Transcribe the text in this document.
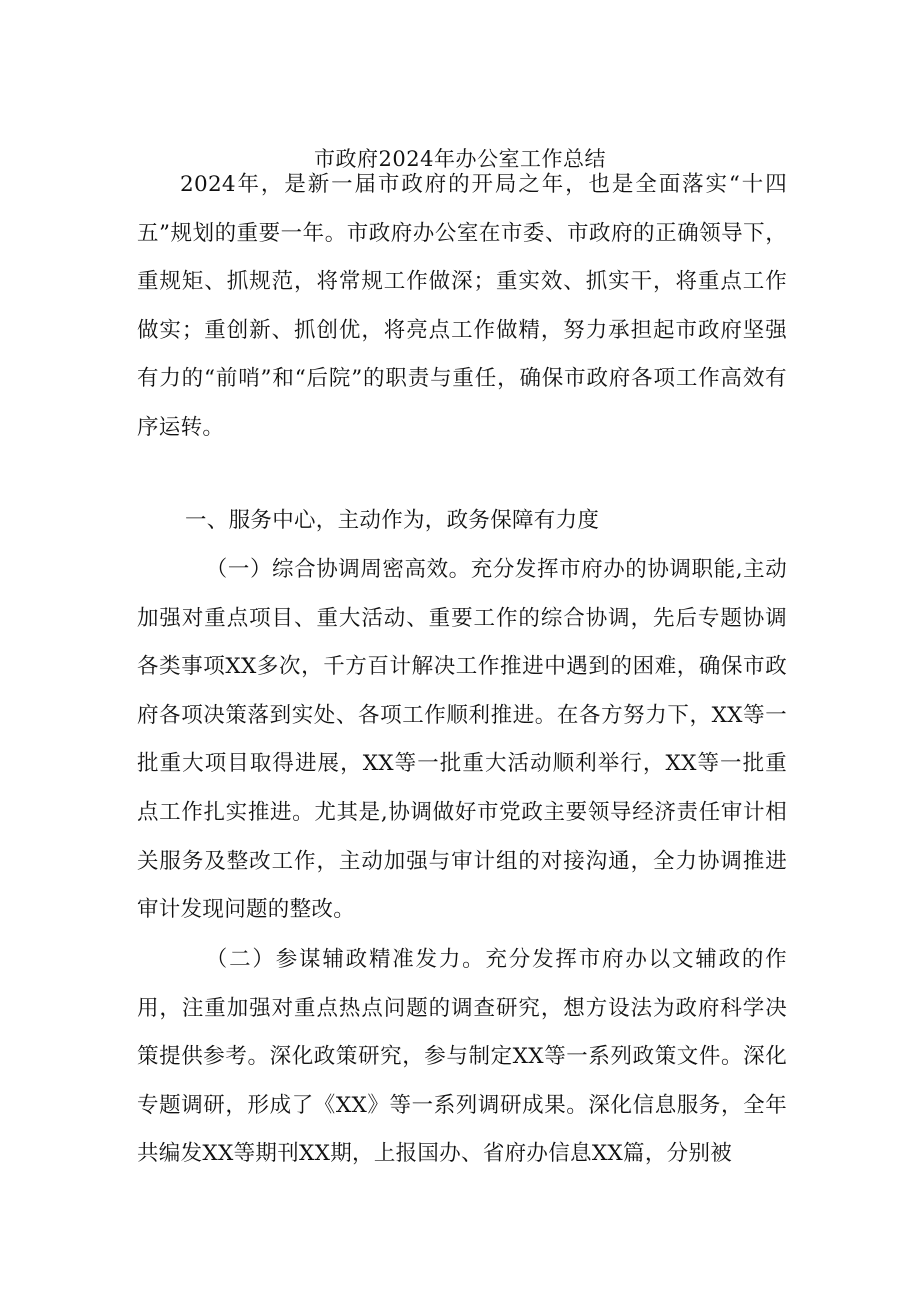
市政府2024年办公室工作总结
2024年，是新一届市政府的开局之年，也是全面落实“十四五”规划的重要一年。市政府办公室在市委、市政府的正确领导下，重规矩、抓规范，将常规工作做深；重实效、抓实干，将重点工作做实；重创新、抓创优，将亮点工作做精，努力承担起市政府坚强有力的“前哨”和“后院”的职责与重任，确保市政府各项工作高效有序运转。
一、服务中心，主动作为，政务保障有力度
（一）综合协调周密高效。充分发挥市府办的协调职能,主动加强对重点项目、重大活动、重要工作的综合协调，先后专题协调各类事项XX多次，千方百计解决工作推进中遇到的困难，确保市政府各项决策落到实处、各项工作顺利推进。在各方努力下，XX等一批重大项目取得进展，XX等一批重大活动顺利举行，XX等一批重点工作扎实推进。尤其是,协调做好市党政主要领导经济责任审计相关服务及整改工作，主动加强与审计组的对接沟通，全力协调推进审计发现问题的整改。
（二）参谋辅政精准发力。充分发挥市府办以文辅政的作用，注重加强对重点热点问题的调查研究，想方设法为政府科学决策提供参考。深化政策研究，参与制定XX等一系列政策文件。深化专题调研，形成了《XX》等一系列调研成果。深化信息服务，全年共编发XX等期刊XX期，上报国办、省府办信息XX篇，分别被
